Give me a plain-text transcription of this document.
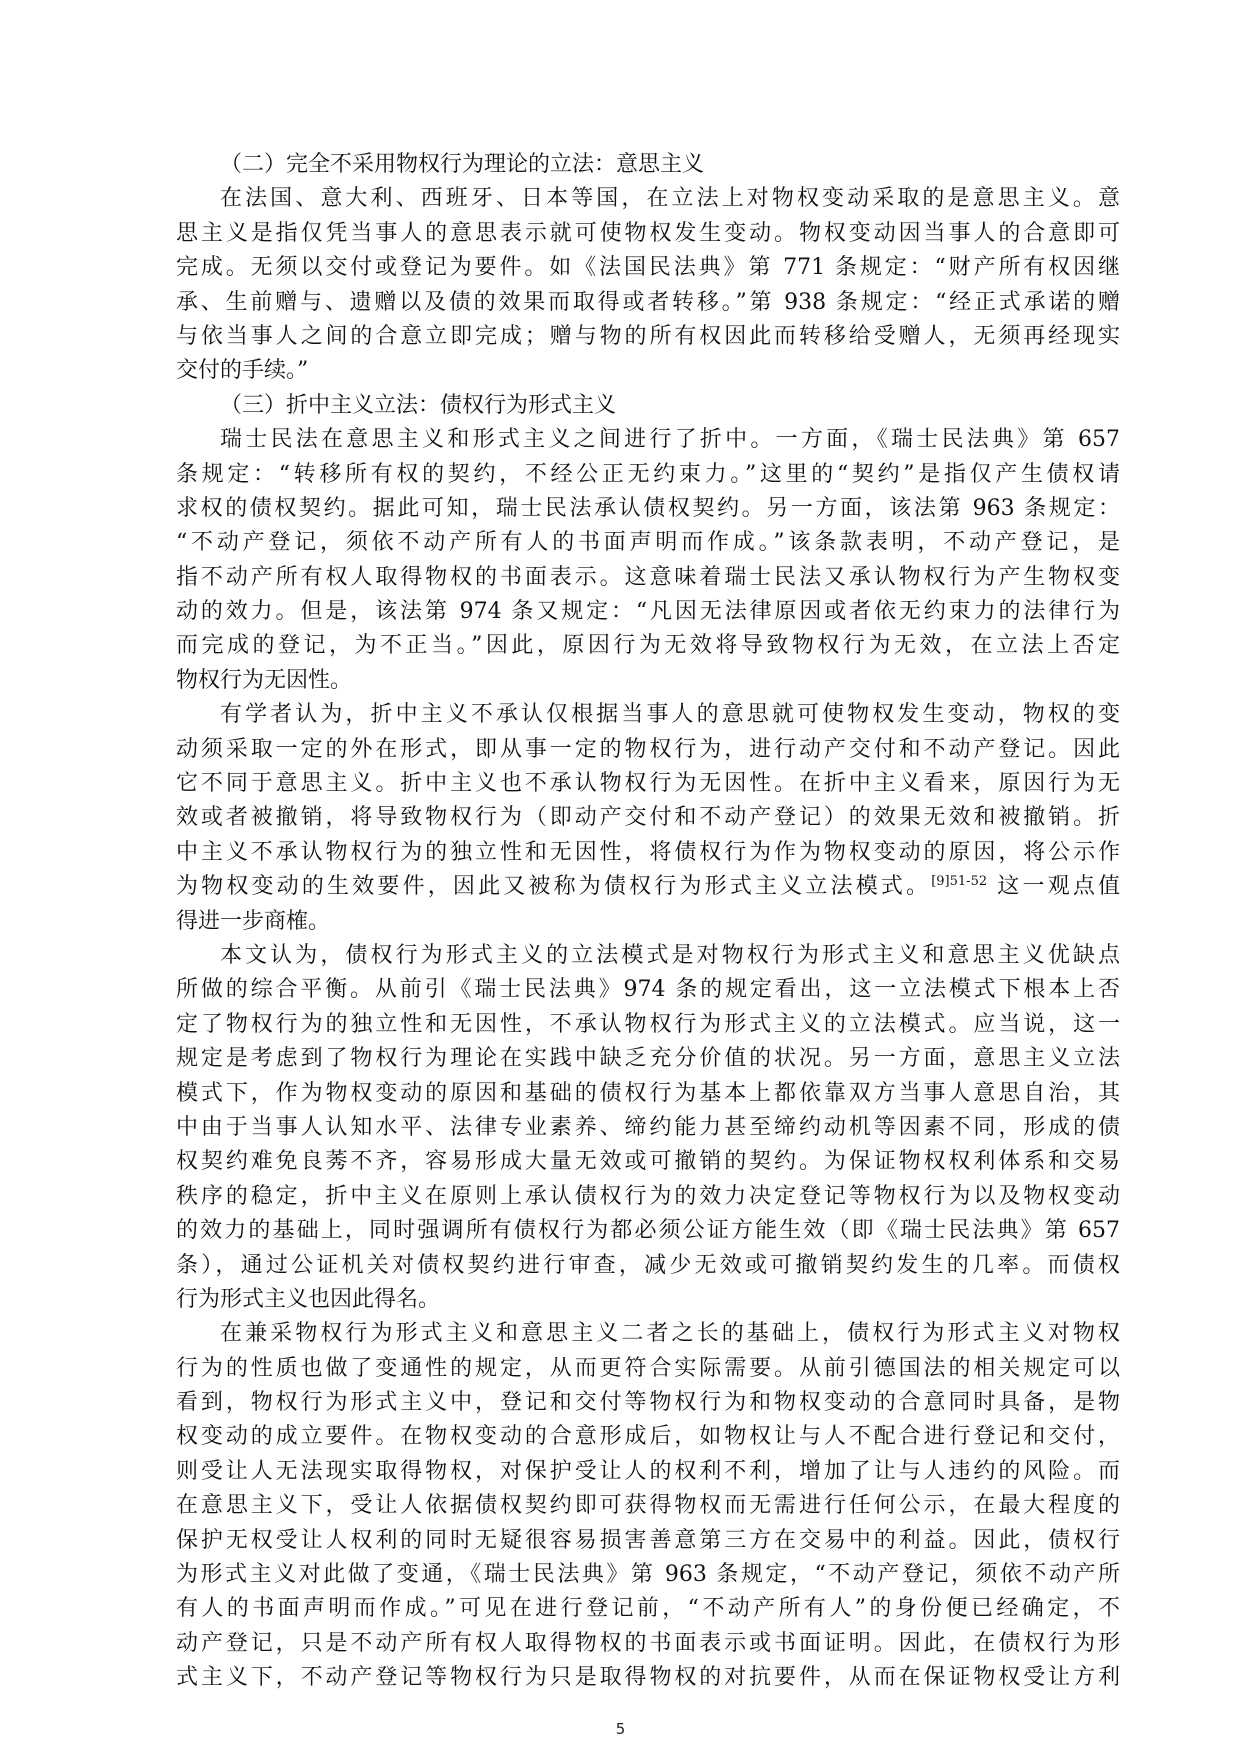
（二）完全不采用物权行为理论的立法：意思主义
在法国、意大利、西班牙、日本等国，在立法上对物权变动采取的是意思主义。意
思主义是指仅凭当事人的意思表示就可使物权发生变动。物权变动因当事人的合意即可
完成。无须以交付或登记为要件。如《法国民法典》第 771 条规定：“财产所有权因继
承、生前赠与、遗赠以及债的效果而取得或者转移。”第 938 条规定：“经正式承诺的赠
与依当事人之间的合意立即完成；赠与物的所有权因此而转移给受赠人，无须再经现实
交付的手续。”
（三）折中主义立法：债权行为形式主义
瑞士民法在意思主义和形式主义之间进行了折中。一方面，《瑞士民法典》第 657
条规定：“转移所有权的契约，不经公正无约束力。”这里的“契约”是指仅产生债权请
求权的债权契约。据此可知，瑞士民法承认债权契约。另一方面，该法第 963 条规定：
“不动产登记，须依不动产所有人的书面声明而作成。”该条款表明，不动产登记，是
指不动产所有权人取得物权的书面表示。这意味着瑞士民法又承认物权行为产生物权变
动的效力。但是，该法第 974 条又规定：“凡因无法律原因或者依无约束力的法律行为
而完成的登记，为不正当。”因此，原因行为无效将导致物权行为无效，在立法上否定
物权行为无因性。
有学者认为，折中主义不承认仅根据当事人的意思就可使物权发生变动，物权的变
动须采取一定的外在形式，即从事一定的物权行为，进行动产交付和不动产登记。因此
它不同于意思主义。折中主义也不承认物权行为无因性。在折中主义看来，原因行为无
效或者被撤销，将导致物权行为（即动产交付和不动产登记）的效果无效和被撤销。折
中主义不承认物权行为的独立性和无因性，将债权行为作为物权变动的原因，将公示作
为物权变动的生效要件，因此又被称为债权行为形式主义立法模式。$^{[9]51-52}$ 这一观点值
得进一步商榷。
本文认为，债权行为形式主义的立法模式是对物权行为形式主义和意思主义优缺点
所做的综合平衡。从前引《瑞士民法典》974 条的规定看出，这一立法模式下根本上否
定了物权行为的独立性和无因性，不承认物权行为形式主义的立法模式。应当说，这一
规定是考虑到了物权行为理论在实践中缺乏充分价值的状况。另一方面，意思主义立法
模式下，作为物权变动的原因和基础的债权行为基本上都依靠双方当事人意思自治，其
中由于当事人认知水平、法律专业素养、缔约能力甚至缔约动机等因素不同，形成的债
权契约难免良莠不齐，容易形成大量无效或可撤销的契约。为保证物权权利体系和交易
秩序的稳定，折中主义在原则上承认债权行为的效力决定登记等物权行为以及物权变动
的效力的基础上，同时强调所有债权行为都必须公证方能生效（即《瑞士民法典》第 657
条），通过公证机关对债权契约进行审查，减少无效或可撤销契约发生的几率。而债权
行为形式主义也因此得名。
在兼采物权行为形式主义和意思主义二者之长的基础上，债权行为形式主义对物权
行为的性质也做了变通性的规定，从而更符合实际需要。从前引德国法的相关规定可以
看到，物权行为形式主义中，登记和交付等物权行为和物权变动的合意同时具备，是物
权变动的成立要件。在物权变动的合意形成后，如物权让与人不配合进行登记和交付，
则受让人无法现实取得物权，对保护受让人的权利不利，增加了让与人违约的风险。而
在意思主义下，受让人依据债权契约即可获得物权而无需进行任何公示，在最大程度的
保护无权受让人权利的同时无疑很容易损害善意第三方在交易中的利益。因此，债权行
为形式主义对此做了变通，《瑞士民法典》第 963 条规定，“不动产登记，须依不动产所
有人的书面声明而作成。”可见在进行登记前，“不动产所有人”的身份便已经确定，不
动产登记，只是不动产所有权人取得物权的书面表示或书面证明。因此，在债权行为形
式主义下，不动产登记等物权行为只是取得物权的对抗要件，从而在保证物权受让方利
5
